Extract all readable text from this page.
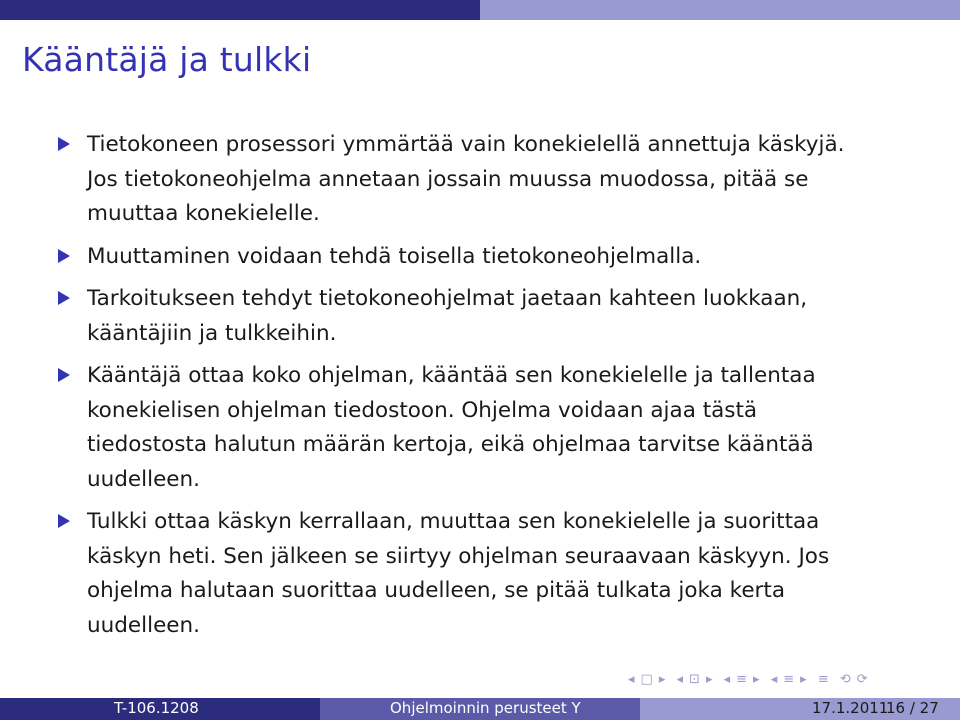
Kääntäjä ja tulkki
Tietokoneen prosessori ymmärtää vain konekielellä annettuja käskyjä.
Jos tietokoneohjelma annetaan jossain muussa muodossa, pitää se
muuttaa konekielelle.
Muuttaminen voidaan tehdä toisella tietokoneohjelmalla.
Tarkoitukseen tehdyt tietokoneohjelmat jaetaan kahteen luokkaan,
kääntäjiin ja tulkkeihin.
Kääntäjä ottaa koko ohjelman, kääntää sen konekielelle ja tallentaa
konekielisen ohjelman tiedostoon. Ohjelma voidaan ajaa tästä
tiedostosta halutun määrän kertoja, eikä ohjelmaa tarvitse kääntää
uudelleen.
Tulkki ottaa käskyn kerrallaan, muuttaa sen konekielelle ja suorittaa
käskyn heti. Sen jälkeen se siirtyy ohjelman seuraavaan käskyyn. Jos
ohjelma halutaan suorittaa uudelleen, se pitää tulkata joka kerta
uudelleen.
◂ □ ▸ ◂ ⊡ ▸ ◂ ≡ ▸ ◂ ≡ ▸ ≡ ⟲ ⟳
T-106.1208	Ohjelmoinnin perusteet Y	17.1.2011
16 / 27
